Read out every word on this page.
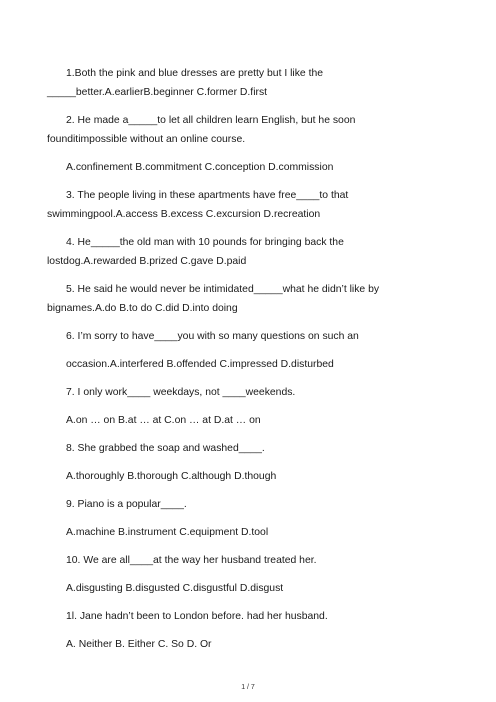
1.Both the pink and blue dresses are pretty but I like the

_____better.A.earlierB.beginner C.former D.first

2. He made a_____to let all children learn English, but he soon

founditimpossible without an online course.

A.confinement B.commitment C.conception D.commission

3. The people living in these apartments have free____to that

swimmingpool.A.access B.excess C.excursion D.recreation

4. He_____the old man with 10 pounds for bringing back the

lostdog.A.rewarded B.prized C.gave D.paid

5. He said he would never be intimidated_____what he didn’t like by

bignames.A.do B.to do C.did D.into doing

6. I’m sorry to have____you with so many questions on such an

occasion.A.interfered B.offended C.impressed D.disturbed

7. I only work____ weekdays, not ____weekends.

A.on … on B.at … at C.on … at D.at … on

8. She grabbed the soap and washed____.

A.thoroughly B.thorough C.although D.though

9. Piano is a popular____.

A.machine B.instrument C.equipment D.tool

10. We are all____at the way her husband treated her.

A.disgusting B.disgusted C.disgustful D.disgust

1l. Jane hadn’t been to London before. had her husband.

A. Neither B. Either C. So D. Or

1 / 7
